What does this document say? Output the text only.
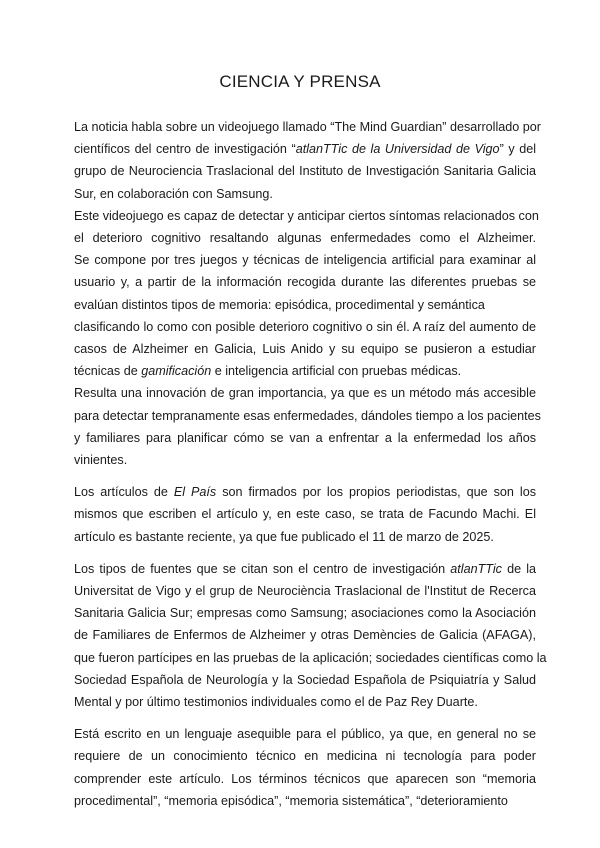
CIENCIA Y PRENSA
La noticia habla sobre un videojuego llamado “The Mind Guardian” desarrollado por
científicos del centro de investigación “atlanTTic de la Universidad de Vigo” y del
grupo de Neurociencia Traslacional del Instituto de Investigación Sanitaria Galicia
Sur, en colaboración con Samsung.
Este videojuego es capaz de detectar y anticipar ciertos síntomas relacionados con
el deterioro cognitivo resaltando algunas enfermedades como el Alzheimer.
Se compone por tres juegos y técnicas de inteligencia artificial para examinar al
usuario y, a partir de la información recogida durante las diferentes pruebas se
evalúan distintos tipos de memoria: episódica, procedimental y semántica
clasificando lo como con posible deterioro cognitivo o sin él. A raíz del aumento de
casos de Alzheimer en Galicia, Luis Anido y su equipo se pusieron a estudiar
técnicas de gamificación e inteligencia artificial con pruebas médicas.
Resulta una innovación de gran importancia, ya que es un método más accesible
para detectar tempranamente esas enfermedades, dándoles tiempo a los pacientes
y familiares para planificar cómo se van a enfrentar a la enfermedad los años
vinientes.
Los artículos de El País son firmados por los propios periodistas, que son los
mismos que escriben el artículo y, en este caso, se trata de Facundo Machi. El
artículo es bastante reciente, ya que fue publicado el 11 de marzo de 2025.
Los tipos de fuentes que se citan son el centro de investigación atlanTTic de la
Universitat de Vigo y el grup de Neurociència Traslacional de l'Institut de Recerca
Sanitaria Galicia Sur; empresas como Samsung; asociaciones como la Asociación
de Familiares de Enfermos de Alzheimer y otras Demències de Galicia (AFAGA),
que fueron partícipes en las pruebas de la aplicación; sociedades científicas como la
Sociedad Española de Neurología y la Sociedad Española de Psiquiatría y Salud
Mental y por último testimonios individuales como el de Paz Rey Duarte.
Está escrito en un lenguaje asequible para el público, ya que, en general no se
requiere de un conocimiento técnico en medicina ni tecnología para poder
comprender este artículo. Los términos técnicos que aparecen son “memoria
procedimental”, “memoria episódica”, “memoria sistemática”, “deterioramiento
